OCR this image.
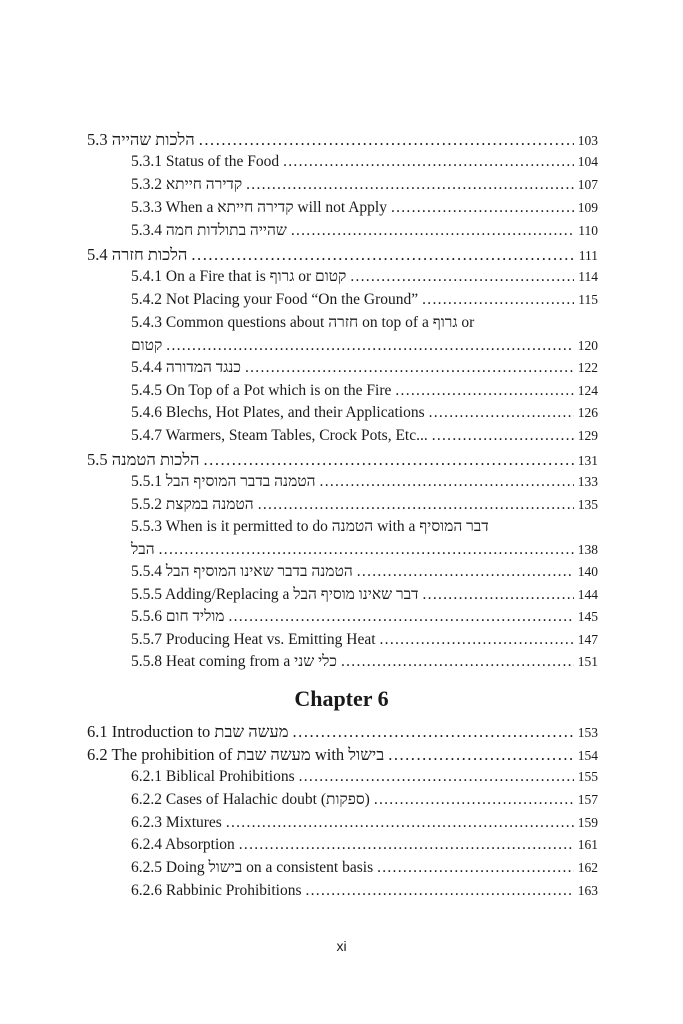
5.3 הלכות שהייה . . .	103
5.3.1 Status of the Food . . .	104
5.3.2 קדירה חייתא . . .	107
5.3.3 When a קדירה חייתא will not Apply . . .	109
5.3.4 שהייה בתולדות חמה . . .	110
5.4 הלכות חזרה . . .	111
5.4.1 On a Fire that is גרוף or קטום . . .	114
5.4.2 Not Placing your Food “On the Ground” . . .	115
5.4.3 Common questions about חזרה on top of a גרוף or
קטום . . .	120
5.4.4 כנגד המדורה . . .	122
5.4.5 On Top of a Pot which is on the Fire . . .	124
5.4.6 Blechs, Hot Plates, and their Applications . . .	126
5.4.7 Warmers, Steam Tables, Crock Pots, Etc... . . .	129
5.5 הלכות הטמנה . . .	131
5.5.1 הטמנה בדבר המוסיף הבל . . .	133
5.5.2 הטמנה במקצת . . .	135
5.5.3 When is it permitted to do הטמנה with a דבר המוסיף
הבל . . .	138
5.5.4 הטמנה בדבר שאינו המוסיף הבל . . .	140
5.5.5 Adding/Replacing a דבר שאינו מוסיף הבל . . .	144
5.5.6 מוליד חום . . .	145
5.5.7 Producing Heat vs. Emitting Heat . . .	147
5.5.8 Heat coming from a כלי שני . . .	151
Chapter 6
6.1 Introduction to מעשה שבת . . .	153
6.2 The prohibition of מעשה שבת with בישול . . .	154
6.2.1 Biblical Prohibitions . . .	155
6.2.2 Cases of Halachic doubt (ספקות) . . .	157
6.2.3 Mixtures . . .	159
6.2.4 Absorption . . .	161
6.2.5 Doing בישול on a consistent basis . . .	162
6.2.6 Rabbinic Prohibitions . . .	163
xi
